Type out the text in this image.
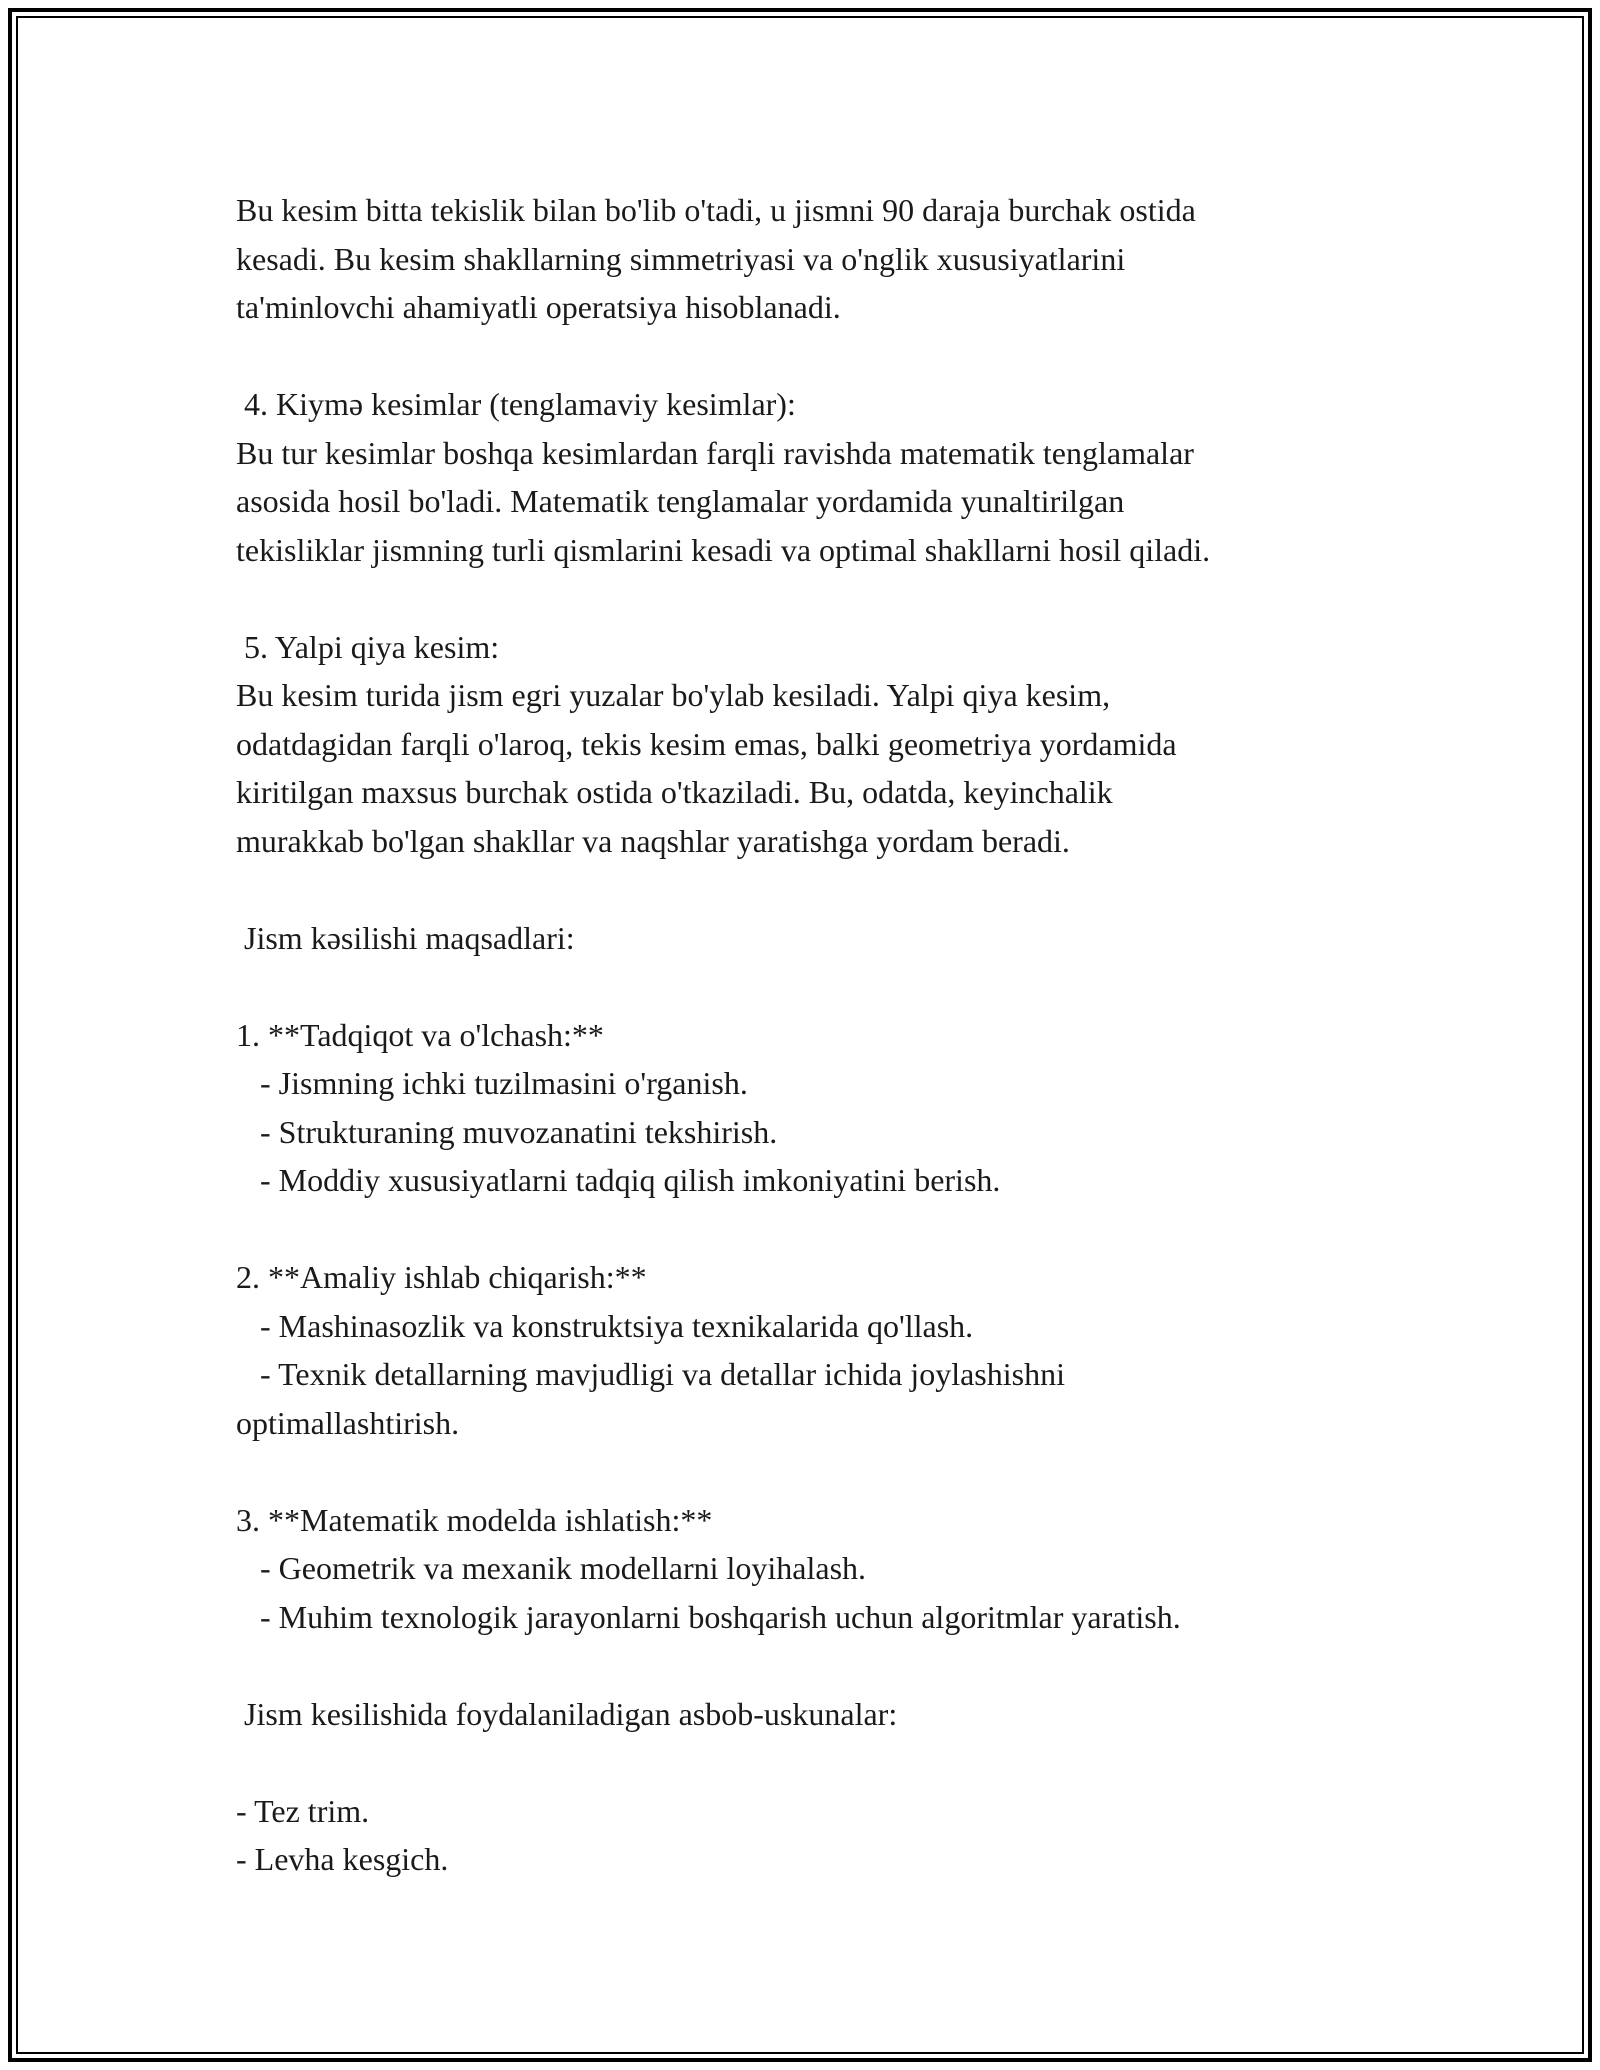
Bu kesim bitta tekislik bilan bo'lib o'tadi, u jismni 90 daraja burchak ostida
kesadi. Bu kesim shakllarning simmetriyasi va o'nglik xususiyatlarini
ta'minlovchi ahamiyatli operatsiya hisoblanadi.
4. Kiymə kesimlar (tenglamaviy kesimlar):
Bu tur kesimlar boshqa kesimlardan farqli ravishda matematik tenglamalar
asosida hosil bo'ladi. Matematik tenglamalar yordamida yunaltirilgan
tekisliklar jismning turli qismlarini kesadi va optimal shakllarni hosil qiladi.
5. Yalpi qiya kesim:
Bu kesim turida jism egri yuzalar bo'ylab kesiladi. Yalpi qiya kesim,
odatdagidan farqli o'laroq, tekis kesim emas, balki geometriya yordamida
kiritilgan maxsus burchak ostida o'tkaziladi. Bu, odatda, keyinchalik
murakkab bo'lgan shakllar va naqshlar yaratishga yordam beradi.
Jism kəsilishi maqsadlari:
1. **Tadqiqot va o'lchash:**
- Jismning ichki tuzilmasini o'rganish.
- Strukturaning muvozanatini tekshirish.
- Moddiy xususiyatlarni tadqiq qilish imkoniyatini berish.
2. **Amaliy ishlab chiqarish:**
- Mashinasozlik va konstruktsiya texnikalarida qo'llash.
- Texnik detallarning mavjudligi va detallar ichida joylashishni
optimallashtirish.
3. **Matematik modelda ishlatish:**
- Geometrik va mexanik modellarni loyihalash.
- Muhim texnologik jarayonlarni boshqarish uchun algoritmlar yaratish.
Jism kesilishida foydalaniladigan asbob-uskunalar:
- Tez trim.
- Levha kesgich.
